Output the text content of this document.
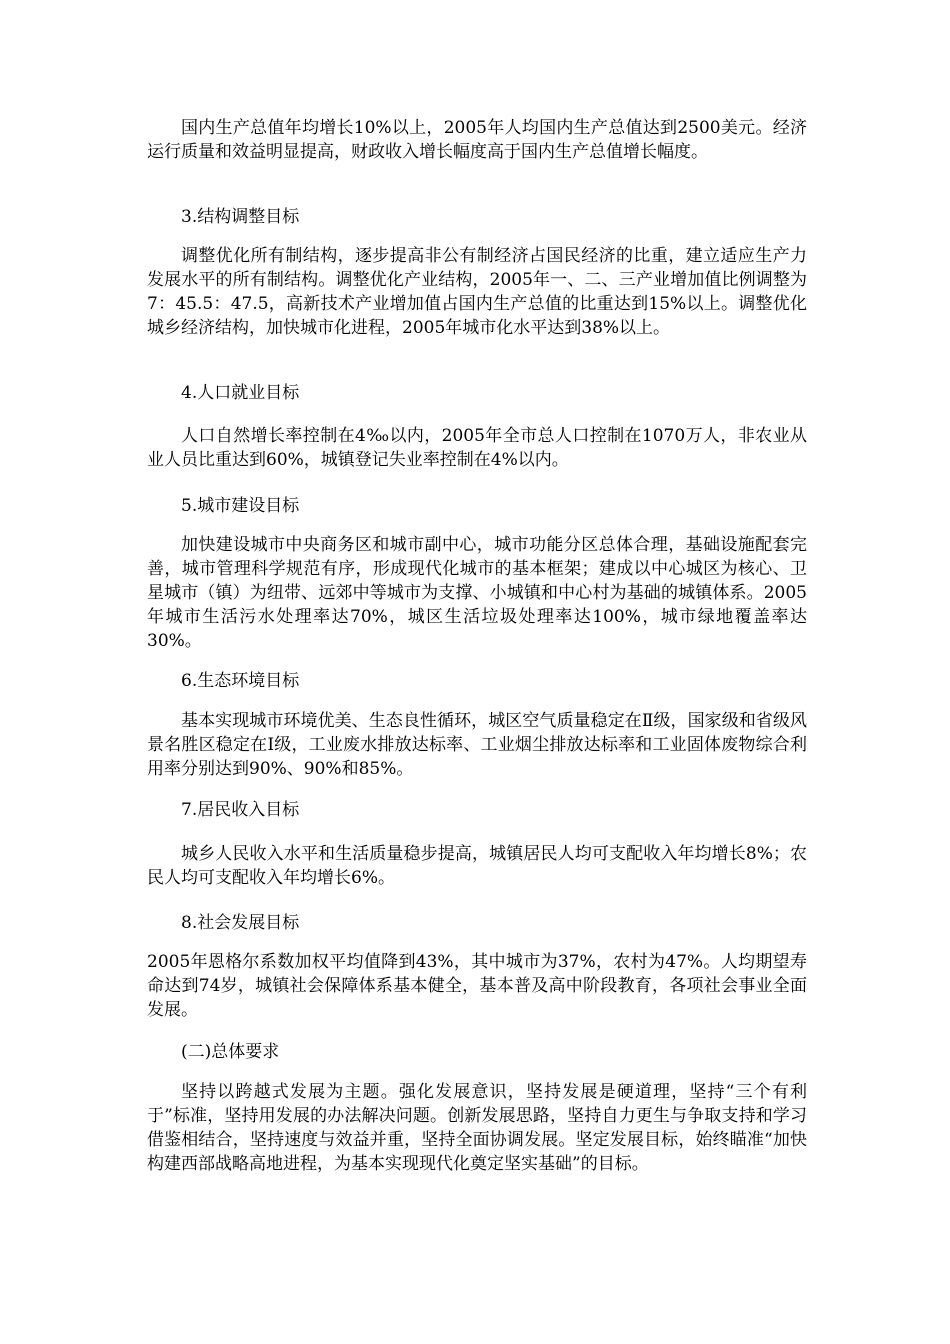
国内生产总值年均增长10%以上，2005年人均国内生产总值达到2500美元。经济运行质量和效益明显提高，财政收入增长幅度高于国内生产总值增长幅度。

3.结构调整目标

调整优化所有制结构，逐步提高非公有制经济占国民经济的比重，建立适应生产力发展水平的所有制结构。调整优化产业结构，2005年一、二、三产业增加值比例调整为7：45.5：47.5，高新技术产业增加值占国内生产总值的比重达到15%以上。调整优化城乡经济结构，加快城市化进程，2005年城市化水平达到38%以上。

4.人口就业目标

人口自然增长率控制在4‰以内，2005年全市总人口控制在1070万人，非农业从业人员比重达到60%，城镇登记失业率控制在4%以内。

5.城市建设目标

加快建设城市中央商务区和城市副中心，城市功能分区总体合理，基础设施配套完善，城市管理科学规范有序，形成现代化城市的基本框架；建成以中心城区为核心、卫星城市（镇）为纽带、远郊中等城市为支撑、小城镇和中心村为基础的城镇体系。2005年城市生活污水处理率达70%，城区生活垃圾处理率达100%，城市绿地覆盖率达30%。

6.生态环境目标

基本实现城市环境优美、生态良性循环，城区空气质量稳定在Ⅱ级，国家级和省级风景名胜区稳定在Ⅰ级，工业废水排放达标率、工业烟尘排放达标率和工业固体废物综合利用率分别达到90%、90%和85%。

7.居民收入目标

城乡人民收入水平和生活质量稳步提高，城镇居民人均可支配收入年均增长8%；农民人均可支配收入年均增长6%。

8.社会发展目标

2005年恩格尔系数加权平均值降到43%，其中城市为37%，农村为47%。人均期望寿命达到74岁，城镇社会保障体系基本健全，基本普及高中阶段教育，各项社会事业全面发展。

(二)总体要求

坚持以跨越式发展为主题。强化发展意识，坚持发展是硬道理，坚持“三个有利于”标准，坚持用发展的办法解决问题。创新发展思路，坚持自力更生与争取支持和学习借鉴相结合，坚持速度与效益并重，坚持全面协调发展。坚定发展目标，始终瞄准“加快构建西部战略高地进程，为基本实现现代化奠定坚实基础”的目标。
